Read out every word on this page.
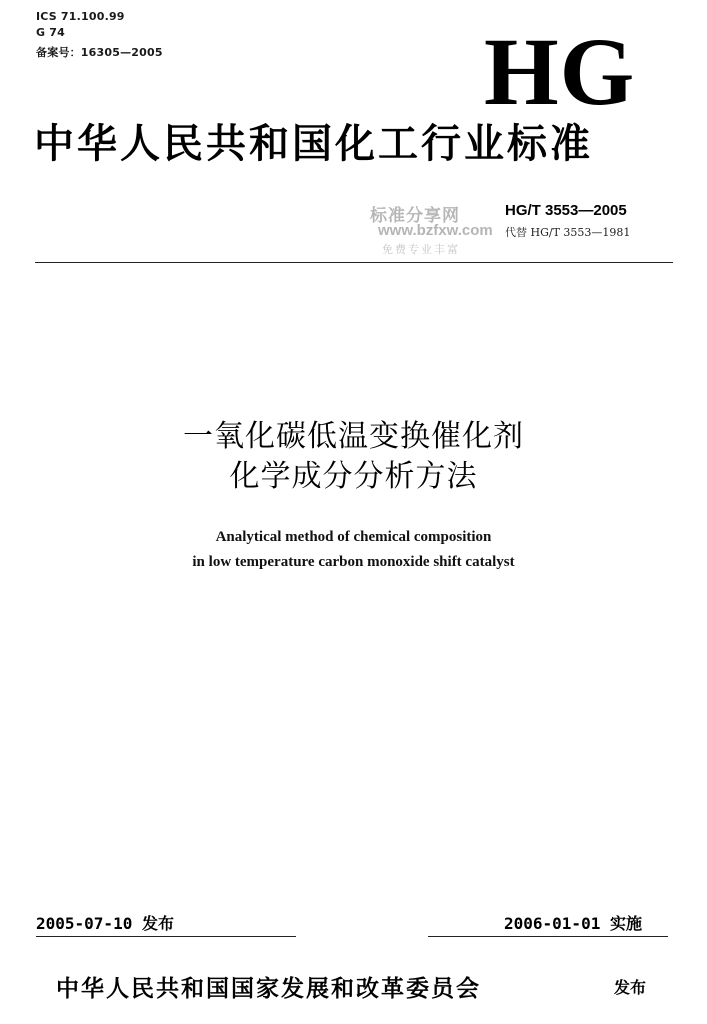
ICS 71.100.99
G 74
备案号：16305—2005	HG
中华人民共和国化工行业标准
标准分享网
www.bzfxw.com
免费专业丰富
HG/T 3553—2005
代替 HG/T 3553—1981
一氧化碳低温变换催化剂
化学成分分析方法
Analytical method of chemical composition
in low temperature carbon monoxide shift catalyst
2005-07-10 发布	2006-01-01 实施
中华人民共和国国家发展和改革委员会	发布
